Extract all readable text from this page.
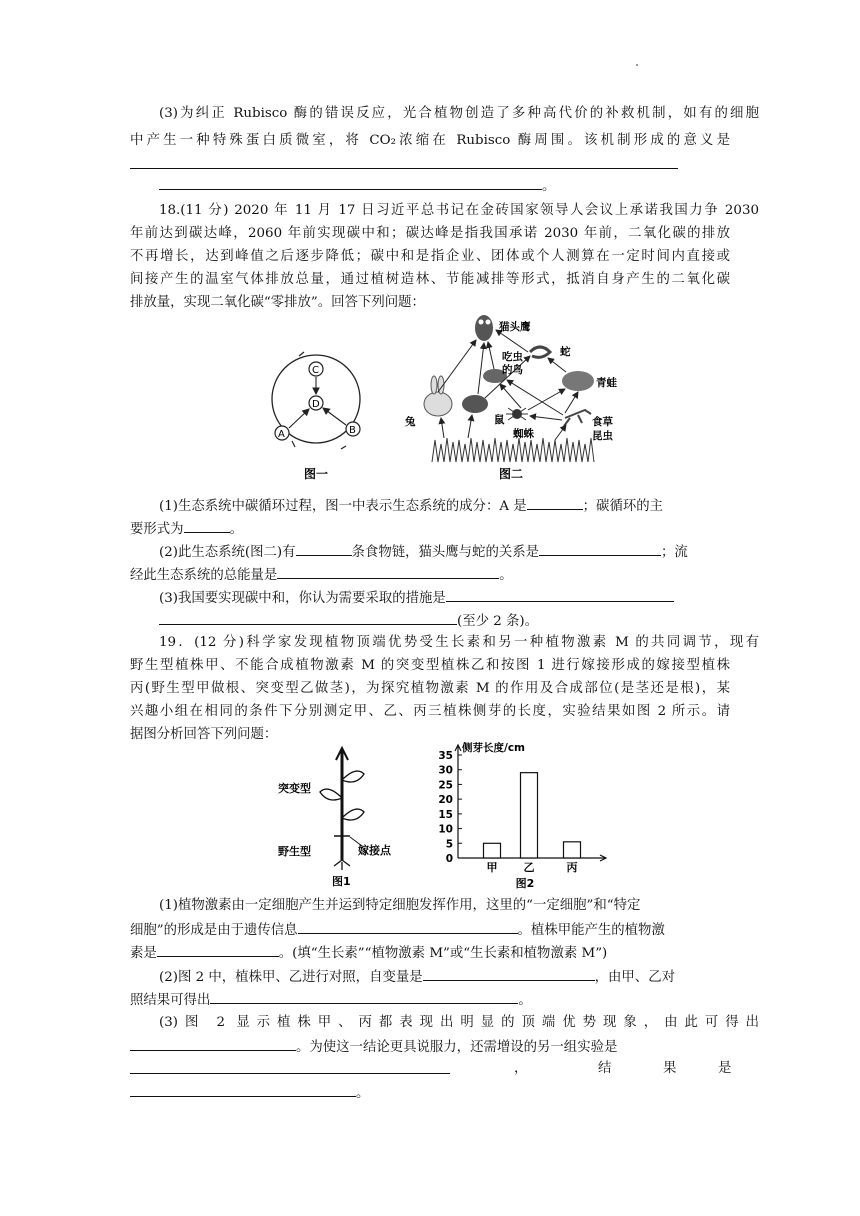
(3)为纠正 Rubisco 酶的错误反应，光合植物创造了多种高代价的补救机制，如有的细胞
中产生一种特殊蛋白质微室，将 CO₂浓缩在 Rubisco 酶周围。该机制形成的意义是
。
18.(11 分) 2020 年 11 月 17 日习近平总书记在金砖国家领导人会议上承诺我国力争 2030
年前达到碳达峰，2060 年前实现碳中和；碳达峰是指我国承诺 2030 年前，二氧化碳的排放
不再增长，达到峰值之后逐步降低；碳中和是指企业、团体或个人测算在一定时间内直接或
间接产生的温室气体排放总量，通过植树造林、节能减排等形式，抵消自身产生的二氧化碳
排放量，实现二氧化碳“零排放”。回答下列问题：
C
D
A	B
图一
猫头鹰
蛇
吃虫
的鸟
青蛙
兔	鼠
蜘蛛
食草
昆虫
图二
(1)生态系统中碳循环过程，图一中表示生态系统的成分：A 是	；碳循环的主
要形式为	。
(2)此生态系统(图二)有	条食物链，猫头鹰与蛇的关系是	；流
经此生态系统的总能量是	。
(3)我国要实现碳中和，你认为需要采取的措施是
(至少 2 条)。
19．(12 分)科学家发现植物顶端优势受生长素和另一种植物激素 M 的共同调节，现有
野生型植株甲、不能合成植物激素 M 的突变型植株乙和按图 1 进行嫁接形成的嫁接型植株
丙(野生型甲做根、突变型乙做茎)，为探究植物激素 M 的作用及合成部位(是茎还是根)，某
兴趣小组在相同的条件下分别测定甲、乙、丙三植株侧芽的长度，实验结果如图 2 所示。请
据图分析回答下列问题：
突变型
野生型	嫁接点
图1
0
5
10
15
20
25
30
35
侧芽长度/cm
甲 乙	丙
图2
(1)植物激素由一定细胞产生并运到特定细胞发挥作用，这里的“一定细胞”和“特定
细胞”的形成是由于遗传信息	。植株甲能产生的植物激
素是	。(填“生长素”“植物激素 M”或“生长素和植物激素 M”)
(2)图 2 中，植株甲、乙进行对照，自变量是	，由甲、乙对
照结果可得出	。
(3)图 2 显示植株甲、丙都表现出明显的顶端优势现象，由此可得出
。为使这一结论更具说服力，还需增设的另一组实验是
，	结	果	是
。
